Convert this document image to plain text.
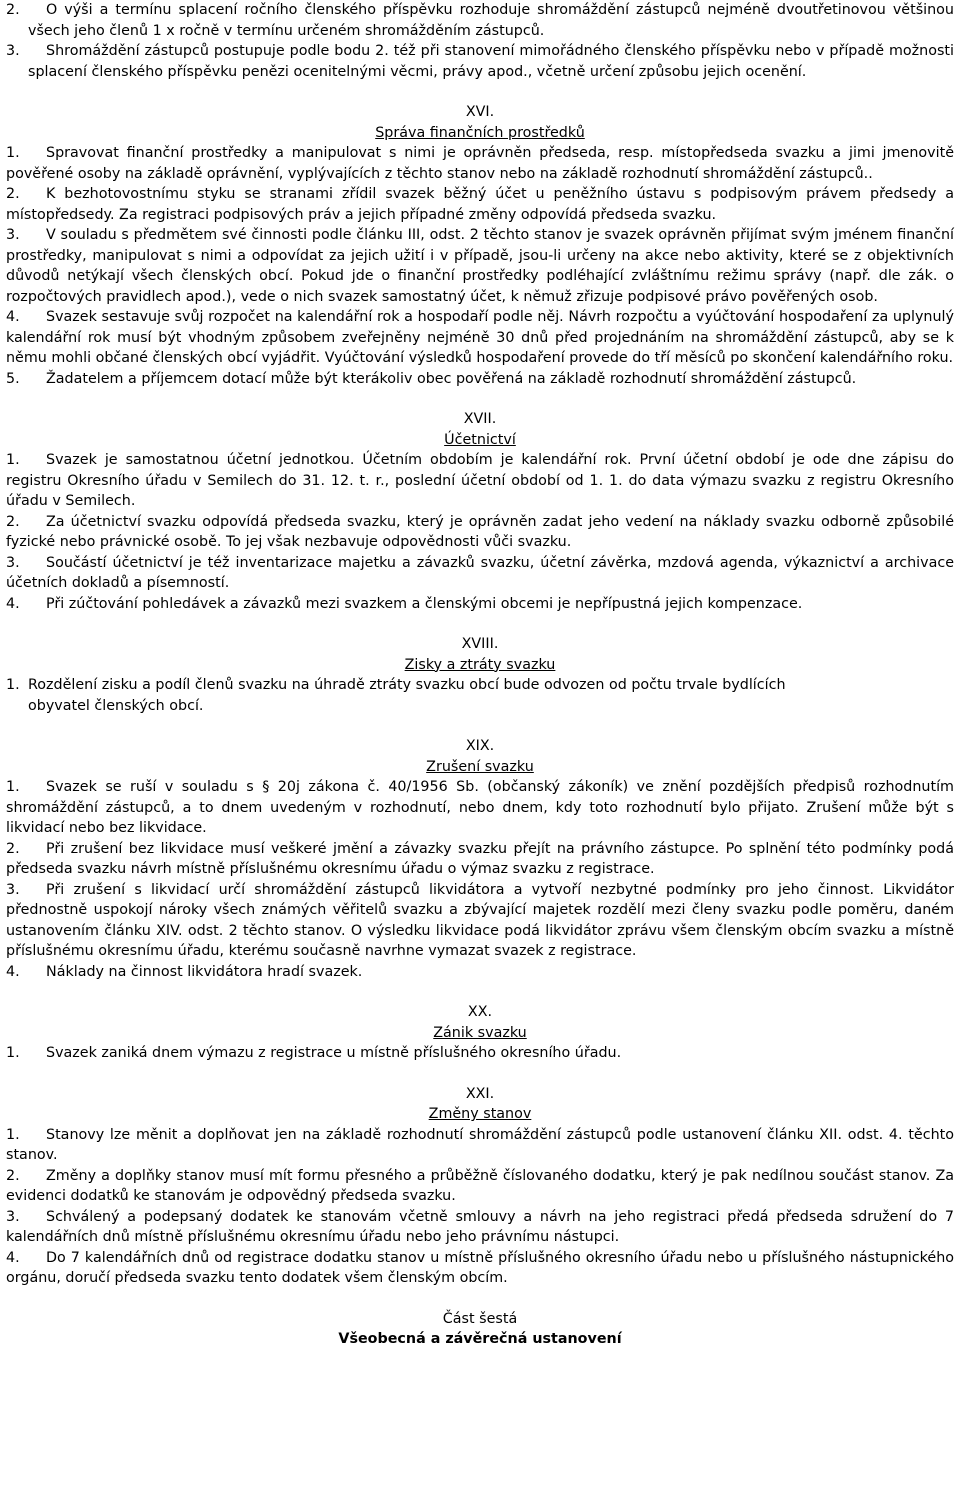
2. O výši a termínu splacení ročního členského příspěvku rozhoduje shromáždění zástupců nejméně dvoutřetinovou většinou všech jeho členů 1 x ročně v termínu určeném shromážděním zástupců.

3. Shromáždění zástupců postupuje podle bodu 2. též při stanovení mimořádného členského příspěvku nebo v případě možnosti splacení členského příspěvku penězi ocenitelnými věcmi, právy apod., včetně určení způsobu jejich ocenění.

XVI.

Správa finančních prostředků

1. Spravovat finanční prostředky a manipulovat s nimi je oprávněn předseda, resp. místopředseda svazku a jimi jmenovitě pověřené osoby na základě oprávnění, vyplývajících z těchto stanov nebo na základě rozhodnutí shromáždění zástupců..

2. K bezhotovostnímu styku se stranami zřídil svazek běžný účet u peněžního ústavu s podpisovým právem předsedy a místopředsedy. Za registraci podpisových práv a jejich případné změny odpovídá předseda svazku.

3. V souladu s předmětem své činnosti podle článku III, odst. 2 těchto stanov je svazek oprávněn přijímat svým jménem finanční prostředky, manipulovat s nimi a odpovídat za jejich užití i v případě, jsou-li určeny na akce nebo aktivity, které se z objektivních důvodů netýkají všech členských obcí. Pokud jde o finanční prostředky podléhající zvláštnímu režimu správy (např. dle zák. o rozpočtových pravidlech apod.), vede o nich svazek samostatný účet, k němuž zřizuje podpisové právo pověřených osob.

4. Svazek sestavuje svůj rozpočet na kalendářní rok a hospodaří podle něj. Návrh rozpočtu a vyúčtování hospodaření za uplynulý kalendářní rok musí být vhodným způsobem zveřejněny nejméně 30 dnů před projednáním na shromáždění zástupců, aby se k němu mohli občané členských obcí vyjádřit. Vyúčtování výsledků hospodaření provede do tří měsíců po skončení kalendářního roku.

5. Žadatelem a příjemcem dotací může být kterákoliv obec pověřená na základě rozhodnutí shromáždění zástupců.

XVII.

Účetnictví

1. Svazek je samostatnou účetní jednotkou. Účetním obdobím je kalendářní rok. První účetní období je ode dne zápisu do registru Okresního úřadu v Semilech do 31. 12. t. r., poslední účetní období od 1. 1. do data výmazu svazku z registru Okresního úřadu v Semilech.

2. Za účetnictví svazku odpovídá předseda svazku, který je oprávněn zadat jeho vedení na náklady svazku odborně způsobilé fyzické nebo právnické osobě. To jej však nezbavuje odpovědnosti vůči svazku.

3. Součástí účetnictví je též inventarizace majetku a závazků svazku, účetní závěrka, mzdová agenda, výkaznictví a archivace účetních dokladů a písemností.

4. Při zúčtování pohledávek a závazků mezi svazkem a členskými obcemi je nepřípustná jejich kompenzace.

XVIII.

Zisky a ztráty svazku

1. Rozdělení zisku a podíl členů svazku na úhradě ztráty svazku obcí bude odvozen od počtu trvale bydlících obyvatel členských obcí.

XIX.

Zrušení svazku

1. Svazek se ruší v souladu s § 20j zákona č. 40/1956 Sb. (občanský zákoník) ve znění pozdějších předpisů rozhodnutím shromáždění zástupců, a to dnem uvedeným v rozhodnutí, nebo dnem, kdy toto rozhodnutí bylo přijato. Zrušení může být s likvidací nebo bez likvidace.

2. Při zrušení bez likvidace musí veškeré jmění a závazky svazku přejít na právního zástupce. Po splnění této podmínky podá předseda svazku návrh místně příslušnému okresnímu úřadu o výmaz svazku z registrace.

3. Při zrušení s likvidací určí shromáždění zástupců likvidátora a vytvoří nezbytné podmínky pro jeho činnost. Likvidátor přednostně uspokojí nároky všech známých věřitelů svazku a zbývající majetek rozdělí mezi členy svazku podle poměru, daném ustanovením článku XIV. odst. 2 těchto stanov. O výsledku likvidace podá likvidátor zprávu všem členským obcím svazku a místně příslušnému okresnímu úřadu, kterému současně navrhne vymazat svazek z registrace.

4. Náklady na činnost likvidátora hradí svazek.

XX.

Zánik svazku

1. Svazek zaniká dnem výmazu z registrace u místně příslušného okresního úřadu.

XXI.

Změny stanov

1. Stanovy lze měnit a doplňovat jen na základě rozhodnutí shromáždění zástupců podle ustanovení článku XII. odst. 4. těchto stanov.

2. Změny a doplňky stanov musí mít formu přesného a průběžně číslovaného dodatku, který je pak nedílnou součást stanov. Za evidenci dodatků ke stanovám je odpovědný předseda svazku.

3. Schválený a podepsaný dodatek ke stanovám včetně smlouvy a návrh na jeho registraci předá předseda sdružení do 7 kalendářních dnů místně příslušnému okresnímu úřadu nebo jeho právnímu nástupci.

4. Do 7 kalendářních dnů od registrace dodatku stanov u místně příslušného okresního úřadu nebo u příslušného nástupnického orgánu, doručí předseda svazku tento dodatek všem členským obcím.

Část šestá

Všeobecná a závěrečná ustanovení
